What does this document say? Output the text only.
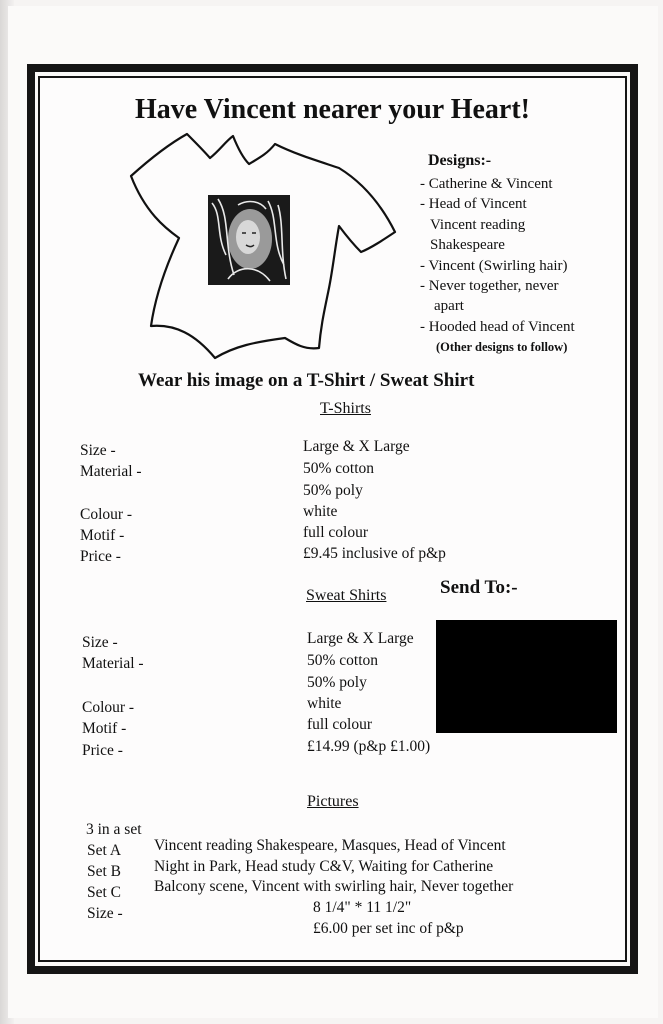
Have Vincent nearer your Heart!
Designs:-
- Catherine & Vincent
- Head of Vincent
Vincent reading
Shakespeare
- Vincent (Swirling hair)
- Never together, never
apart
- Hooded head of Vincent
(Other designs to follow)
Wear his image on a T-Shirt / Sweat Shirt
T-Shirts
Size -	Large & X Large
Material -	50% cotton
50% poly
Colour -	white
Motif -	full colour
Price -	£9.45 inclusive of p&p
Send To:-
Sweat Shirts
Size -	Large & X Large
Material -	50% cotton
50% poly
Colour -	white
Motif -	full colour
Price -	£14.99 (p&p £1.00)
Pictures
3 in a set
Set A Vincent reading Shakespeare, Masques, Head of Vincent
Set B Night in Park, Head study C&V, Waiting for Catherine
Set C Balcony scene, Vincent with swirling hair, Never together
Size -	8 1/4" * 11 1/2"
£6.00 per set inc of p&p
